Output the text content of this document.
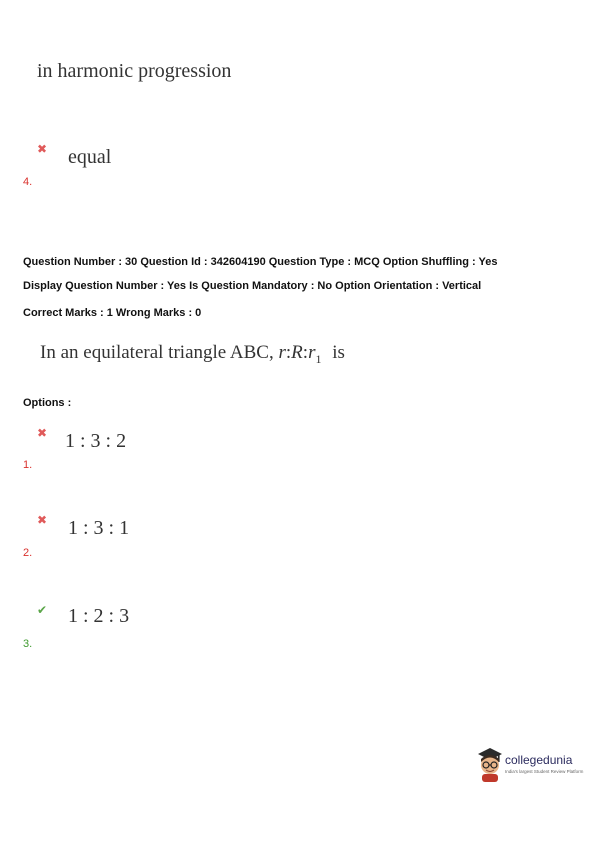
in harmonic progression
✖ equal
4.
Question Number : 30 Question Id : 342604190 Question Type : MCQ Option Shuffling : Yes
Display Question Number : Yes Is Question Mandatory : No Option Orientation : Vertical
Correct Marks : 1 Wrong Marks : 0
In an equilateral triangle ABC, $r:R:r_1$ is
Options :
✖ 1 : 3 : 2
1.
✖ 1 : 3 : 1
2.
✔ 1 : 2 : 3
3.
collegedunia
India's largest Student Review Platform
